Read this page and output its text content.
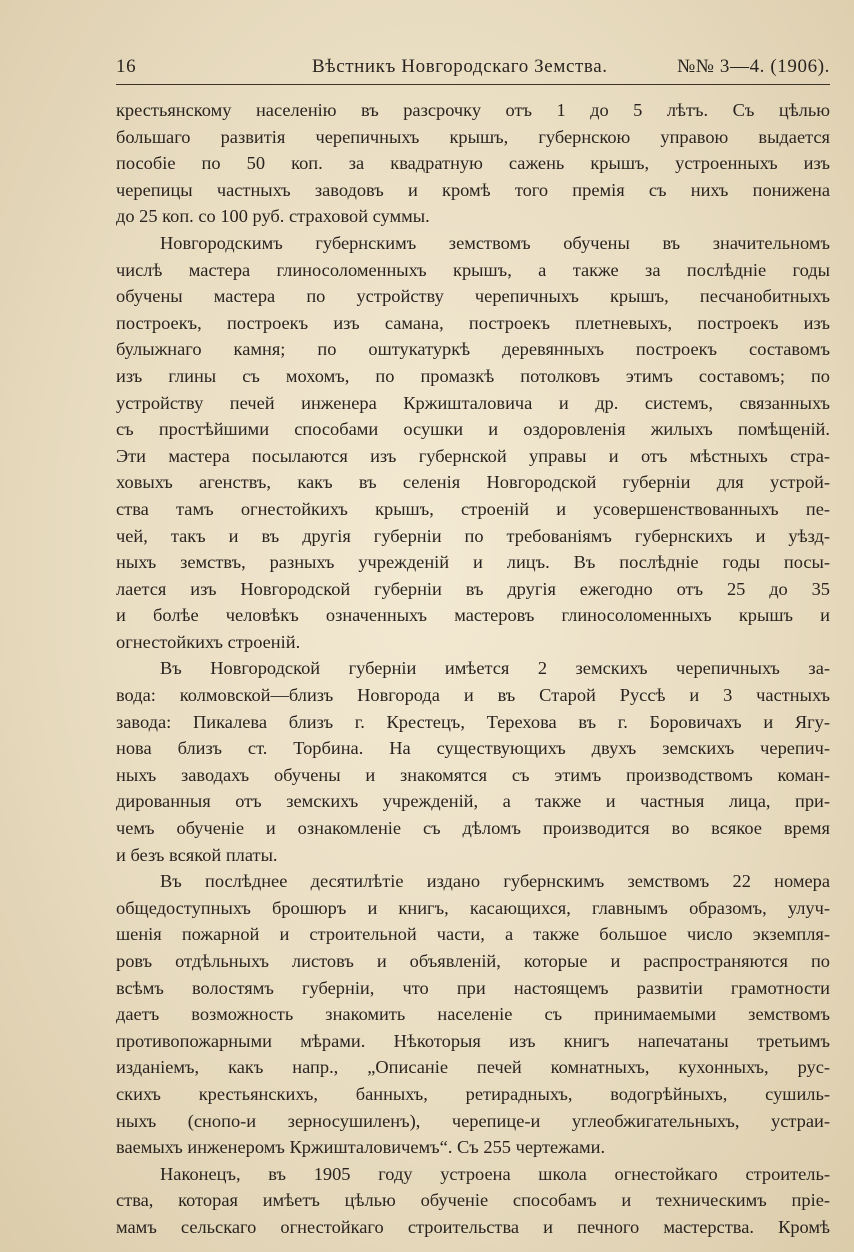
16	Вѣстникъ Новгородскаго Земства.	№№ 3—4. (1906).
крестьянскому населенію въ разсрочку отъ 1 до 5 лѣтъ. Съ цѣлью
большаго развитія черепичныхъ крышъ, губернскою управою выдается
пособіе по 50 коп. за квадратную сажень крышъ, устроенныхъ изъ
черепицы частныхъ заводовъ и кромѣ того премія съ нихъ понижена
до 25 коп. со 100 руб. страховой суммы.
Новгородскимъ губернскимъ земствомъ обучены въ значительномъ
числѣ мастера глиносоломенныхъ крышъ, а также за послѣдніе годы
обучены мастера по устройству черепичныхъ крышъ, песчанобитныхъ
построекъ, построекъ изъ самана, построекъ плетневыхъ, построекъ изъ
булыжнаго камня; по оштукатуркѣ деревянныхъ построекъ составомъ
изъ глины съ мохомъ, по промазкѣ потолковъ этимъ составомъ; по
устройству печей инженера Кржишталовича и др. системъ, связанныхъ
съ простѣйшими способами осушки и оздоровленія жилыхъ помѣщеній.
Эти мастера посылаются изъ губернской управы и отъ мѣстныхъ стра-
ховыхъ агенствъ, какъ въ селенія Новгородской губерніи для устрой-
ства тамъ огнестойкихъ крышъ, строеній и усовершенствованныхъ пе-
чей, такъ и въ другія губерніи по требованіямъ губернскихъ и уѣзд-
ныхъ земствъ, разныхъ учрежденій и лицъ. Въ послѣдніе годы посы-
лается изъ Новгородской губерніи въ другія ежегодно отъ 25 до 35
и болѣе человѣкъ означенныхъ мастеровъ глиносоломенныхъ крышъ и
огнестойкихъ строеній.
Въ Новгородской губерніи имѣется 2 земскихъ черепичныхъ за-
вода: колмовской—близъ Новгорода и въ Старой Руссѣ и 3 частныхъ
завода: Пикалева близъ г. Крестецъ, Терехова въ г. Боровичахъ и Ягу-
нова близъ ст. Торбина. На существующихъ двухъ земскихъ черепич-
ныхъ заводахъ обучены и знакомятся съ этимъ производствомъ коман-
дированныя отъ земскихъ учрежденій, а также и частныя лица, при-
чемъ обученіе и ознакомленіе съ дѣломъ производится во всякое время
и безъ всякой платы.
Въ послѣднее десятилѣтіе издано губернскимъ земствомъ 22 номера
общедоступныхъ брошюръ и книгъ, касающихся, главнымъ образомъ, улуч-
шенія пожарной и строительной части, а также большое число экземпля-
ровъ отдѣльныхъ листовъ и объявленій, которые и распространяются по
всѣмъ волостямъ губерніи, что при настоящемъ развитіи грамотности
даетъ возможность знакомить населеніе съ принимаемыми земствомъ
противопожарными мѣрами. Нѣкоторыя изъ книгъ напечатаны третьимъ
изданіемъ, какъ напр., „Описаніе печей комнатныхъ, кухонныхъ, рус-
скихъ крестьянскихъ, банныхъ, ретирадныхъ, водогрѣйныхъ, сушиль-
ныхъ (снопо-и зерносушиленъ), черепице-и углеобжигательныхъ, устраи-
ваемыхъ инженеромъ Кржишталовичемъ“. Съ 255 чертежами.
Наконецъ, въ 1905 году устроена школа огнестойкаго строитель-
ства, которая имѣетъ цѣлью обученіе способамъ и техническимъ пріе-
мамъ сельскаго огнестойкаго строительства и печного мастерства. Кромѣ
